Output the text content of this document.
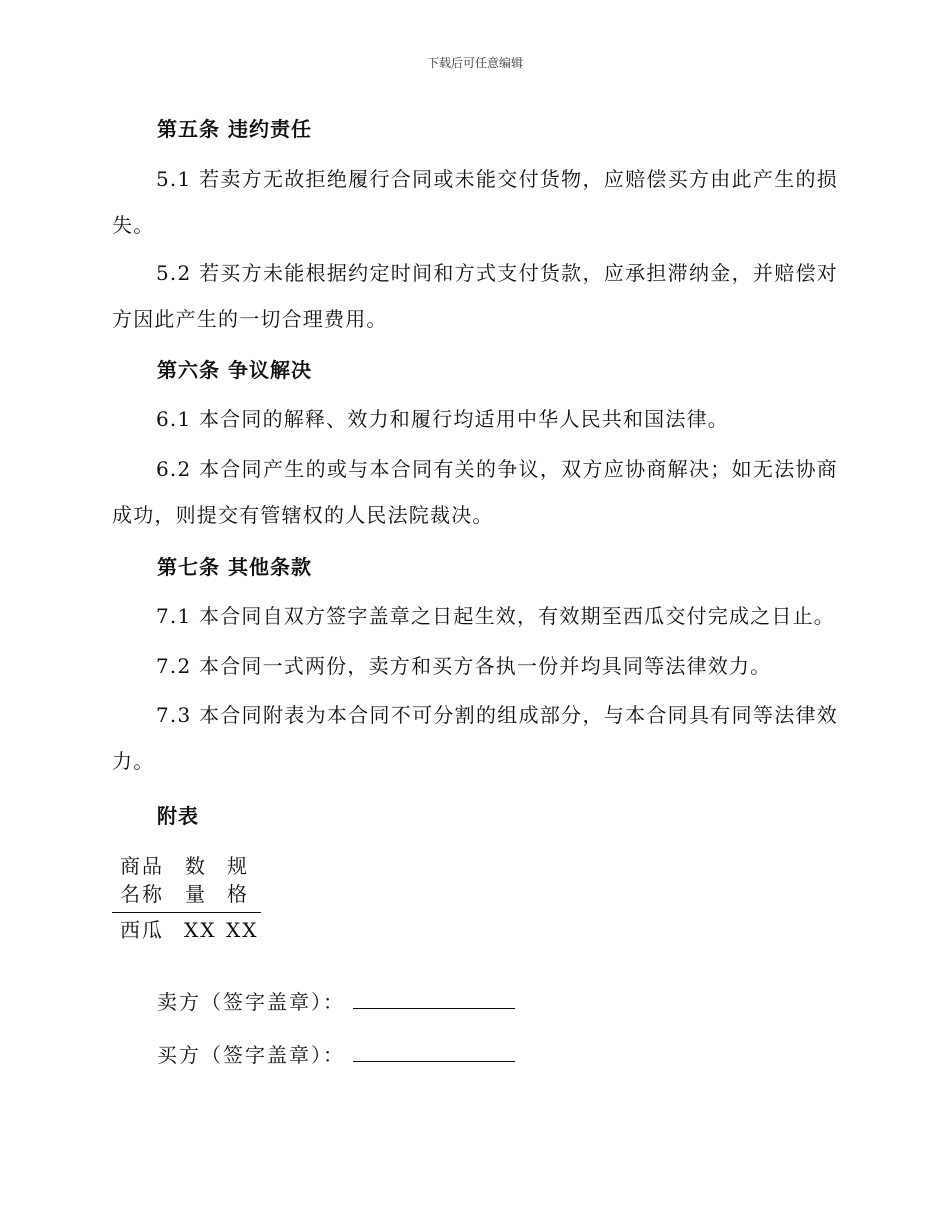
下载后可任意编辑
第五条 违约责任
5.1 若卖方无故拒绝履行合同或未能交付货物，应赔偿买方由此产生的损失。
5.2 若买方未能根据约定时间和方式支付货款，应承担滞纳金，并赔偿对方因此产生的一切合理费用。
第六条 争议解决
6.1 本合同的解释、效力和履行均适用中华人民共和国法律。
6.2 本合同产生的或与本合同有关的争议，双方应协商解决；如无法协商成功，则提交有管辖权的人民法院裁决。
第七条 其他条款
7.1 本合同自双方签字盖章之日起生效，有效期至西瓜交付完成之日止。
7.2 本合同一式两份，卖方和买方各执一份并均具同等法律效力。
7.3 本合同附表为本合同不可分割的组成部分，与本合同具有同等法律效力。
附表
商品名称
数量
规格
西瓜 XX XX
卖方（签字盖章）：
买方（签字盖章）：
